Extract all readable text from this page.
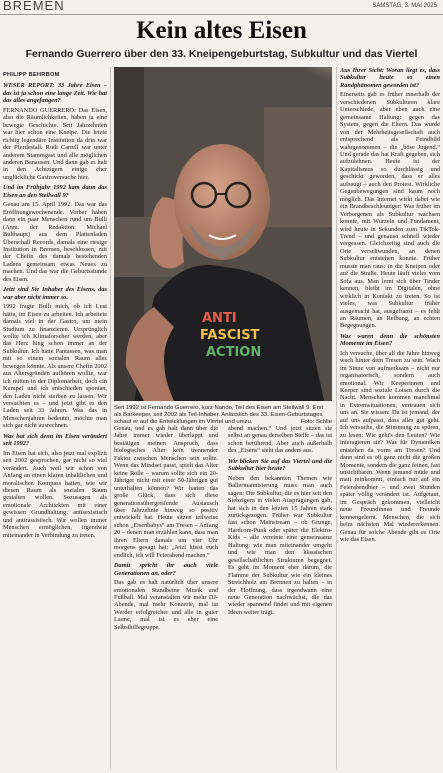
BREMEN	SAMSTAG, 3. MAI 2025
Kein altes Eisen
Fernando Guerrero über den 33. Kneipengeburtstag, Subkultur und das Viertel

PHILIPP BEHRBOM

WESER REPORT: 33 Jahre Eisen – das ist ja schon eine lange Zeit. Wie hat das alles angefangen?

FERNANDO GUERRERO: Das Eisen, also die Räumlichkeiten, haben ja eine bewegte Geschichte. Seit Jahrzehnten war hier schon eine Kneipe. Die letzte richtig legendäre Institution da drin war der Pferdestall. Rudi Carrell war unter anderem Stammgast und alle möglichen anderen Banausen. Und dann gab es halt in den Achtzigern einige eher unglückliche Gastroversuche hier.

Und im Frühjahr 1992 kam dann das Eisen an den Steilwall 9?

Genau am 15. April 1992. Das war das Eröffnungswochenende. Vorher haben dann ein paar Menschen rund um Bulli (Anm. der Redaktion: Michael Bulthaupt) aus dem Plattenladen Überschall Records, damals eine riesige Institution in Bremen, beschlossen, mit der Chefin des damals bestehenden Ladens gemeinsam etwas Neues zu machen. Und das war die Geburtsstunde des Eisen.

Jetzt sind Sie Inhaber des Eisens, das war aber nicht immer so.

1992 fragte Bulli mich, ob ich Lust hätte, im Eisen zu arbeiten. Ich arbeitete damals viel in der Gastro, um mein Studium zu finanzieren. Ursprünglich wollte ich Klimaforscher werden, aber das Herz hing schon immer an der Subkultur. Ich hatte Pantassen, was man mit so einem sozialen Raum alles bewegen könnte. Als unsere Chefin 2002 aus Altersgründen aufhören wollte, war ich mitten in der Diplomarbeit, doch ein Kumpel und ich entschieden spontan, den Laden nicht sterben zu lassen. Wir versuchten es – und jetzt gibt es den Laden seit 33 Jahren. Was das in Menschenjahren bedeutet, möchte man sich gar nicht ausrechnen.

Was hat sich denn im Eisen verändert seit 1992?

Im Eisen hat sich, also jetzt mal explizit seit 2002 gesprochen, gar nicht so viel verändert. Auch weil wir schon von Anfang an einen klaren inhaltlichen und moralischen Kompass hatten, wie wir diesen Raum als sozialen Raum gestalten wollen. Sozusagen als emotionale Architekten mit einer gewissen Grundhaltung: antisexistisch und antirassistisch. Wir wollen immer Menschen ermöglichen, irgendwie miteinander in Verbindung zu treten.

ANTI
FASCIST
ACTION
Seit 1992 ist Fernando Guerrero, kurz Nando, Teil des Eisen am Steilwall 9. Erst als Barkeeper, seit 2002 als Teil-Inhaber. Anlässlich des 33. Eisen-Geburtstages schaut er auf die Entwicklungen im Viertel und umzu.	Foto: Schlie

Genau, und es gab halt dann über die Jahre immer wieder überlappt und bestätigen meinen Anspruch, dass biologisches Alter kein trennender Faktor zwischen Menschen sein sollte. Wenn das Mindset passt, spielt das Alter keine Rolle – warum sollte sich ein 20-Jähriger nicht mit einer 50-Jährigen gut unterhalten können? Wir hatten das große Glück, dass sich diese generationsübergreifende Austausch über Jahrzehnte hinweg so positiv entwickelt hat. Heute sitzen teilweise schon „Eisenbabys“ am Tresen – Anfang 20 – denen man erzählen kann, dass man ihren Eltern damals um vier Uhr morgens gesagt hat: „Jetzt küsst euch endlich, ich will Feierabend machen.“

Damit spricht ihr auch viele Generationen an, oder?

Das gab es halt natürlich über unsere emotionalen Standbeine Musik und Fußball. Mal veranstalten wir mehr DJ-Abende, mal mehr Konzerte, mal ist Werder erfolgreicher und alle in guter Laune, mal ist es eher eine Selbsthilfegruppe.

abend machen.“ Und jetzt sitzen sie selbst an genau derselben Stelle – das ist schon berührend. Aber auch außerhalb des „Eisens“ sieht das anders aus.

Wir blicken Sie auf das Viertel und die Subkultur hier heute?

Neben den bekannten Themen wie Ballermannisierung muss man auch sagen: Die Subkultur, die es hier seit den Siebzigern in vielen Ausprägungen gab, hat sich in den letzten 15 Jahren stark zurückgezogen. Früher war Subkultur fast schon Mainstream – ob Grunge, Hardcore-Punk oder später die Elektro-Kids – alle vereinte eine gemeinsame Haltung: wie man miteinander umgeht und wie man den klassischen gesellschaftlichen Strukturen begegnet. Es geht im Moment eher darum, die Flamme der Subkultur wie ein kleines Streichholz am Brennen zu halten – in der Hoffnung, dass irgendwann eine neue Generation nachwächst, die das wieder spannend findet und mit eigenen Ideen weiter trägt.

Aus Ihrer Sicht: Woran liegt es, dass Subkultur heute so einen Randphänomen geworden ist?

Einerseits gab es früher innerhalb der verschiedenen Subkulturen klare Unterschiede, aber eben auch eine gemeinsame Haltung: gegen das System, gegen die Eltern. Das wurde von der Mehrheitsgesellschaft auch entsprechend als Feindbild wahrgenommen – die „böse Jugend.“ Und gerade das hat Kraft gegeben, sich aufzulehnen. Heute ist der Kapitalismus so durchlässig und geschickt geworden, dass er alles aufsaugt – auch den Protest. Wirkliche Gegenbewegungen sind kaum noch möglich. Das Internet wirkt dabei wie ein Brandbeschleuniger: Was früher im Verborgenen als Subkultur wachsen konnte, mit Wurzeln und Fundament, wird heute in Sekunden zum TikTok-Trend – und genauso schnell wieder vergessen. Gleichzeitig sind auch die Orte verschwunden, an denen Subkultur entstehen konnte. Früher musste man raus: in die Kneipen oder auf die Straße. Heute läuft vieles vom Sofa aus. Man lernt sich über Tinder kennen, bleibt im Digitalen, ohne wirklich in Kontakt zu treten. So ist vieles, was Subkultur früher ausgemacht hat, ausgefranst – es fehlt an Räumen, an Reibung, an echten Begegnungen.

Was waren denn die schönsten Momente im Eisen?

Ich versuche, über all die Jahre hinweg wach hinter dem Tresen zu sein. Wach im Sinne von aufmerksam – nicht nur organisatorisch, sondern auch emotional. Wir Keeperinnen und Keeper sind soziale Lotsen durch die Nacht. Menschen kommen manchmal in Extremsituationen, vertrauen sich uns an. Sie wissen: Da ist jemand, der auf uns aufpasst, dass alles gut geht. Ich versuche, die Stimmung zu spüren, zu lesen: Wie geht's den Leuten? Wie interagieren sie? Was für Dynamiken entstehen da vorm am Tresen? Und dann sind es oft ganz nicht die großen Momente, sondern die ganz feinen, fast unsichtbaren. Wenn jemand müde und matt reinkommt, einfach nur auf ein Feierabendbier – und zwei Stunden später völlig verändert ist. Aufgetaut, im Gespräch gekommen, vielleicht neue Freundinnen und Freunde kennengelernt. Menschen, die sich beim nächsten Mal wiedererkennen. Genau für solche Abende gibt es Orte wie das Eisen.
